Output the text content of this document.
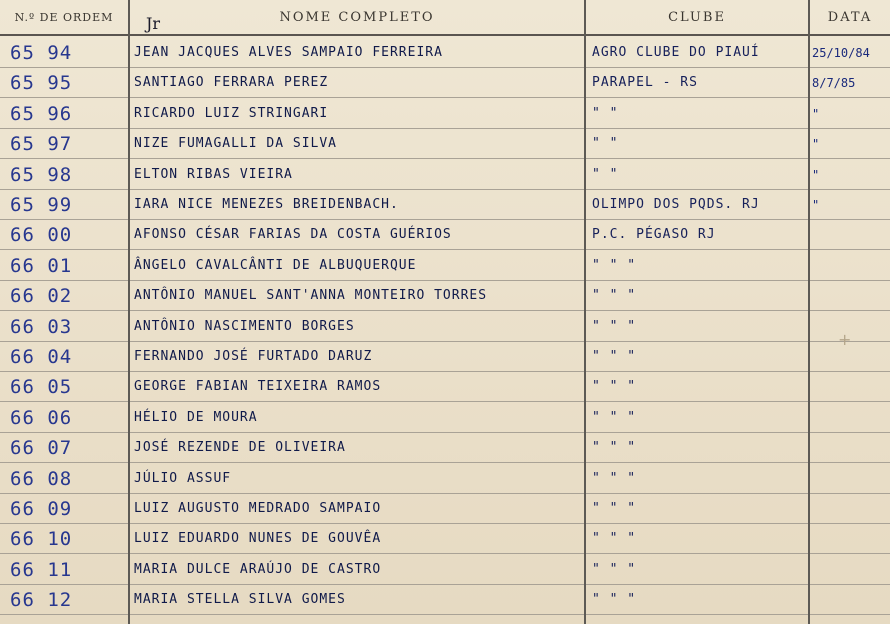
N.º DE ORDEM	NOME COMPLETO	CLUBE	DATA
Jr
65 94	JEAN JACQUES ALVES SAMPAIO FERREIRA	AGRO CLUBE DO PIAUÍ	25/10/84
65 95	SANTIAGO FERRARA PEREZ	PARAPEL - RS	8/7/85
65 96	RICARDO LUIZ STRINGARI	" "	"
65 97	NIZE FUMAGALLI DA SILVA	" "	"
65 98	ELTON RIBAS VIEIRA	" "	"
65 99	IARA NICE MENEZES BREIDENBACH.	OLIMPO DOS PQDS. RJ	"
66 00	AFONSO CÉSAR FARIAS DA COSTA GUÉRIOS	P.C. PÉGASO RJ
66 01	ÂNGELO CAVALCÂNTI DE ALBUQUERQUE	" " "
66 02	ANTÔNIO MANUEL SANT'ANNA MONTEIRO TORRES	" " "
66 03	ANTÔNIO NASCIMENTO BORGES	" " "
66 04	FERNANDO JOSÉ FURTADO DARUZ	" " "
66 05	GEORGE FABIAN TEIXEIRA RAMOS	" " "
66 06	HÉLIO DE MOURA	" " "
66 07	JOSÉ REZENDE DE OLIVEIRA	" " "
66 08	JÚLIO ASSUF	" " "
66 09	LUIZ AUGUSTO MEDRADO SAMPAIO	" " "
66 10	LUIZ EDUARDO NUNES DE GOUVÊA	" " "
66 11	MARIA DULCE ARAÚJO DE CASTRO	" " "
66 12	MARIA STELLA SILVA GOMES	" " "
+
